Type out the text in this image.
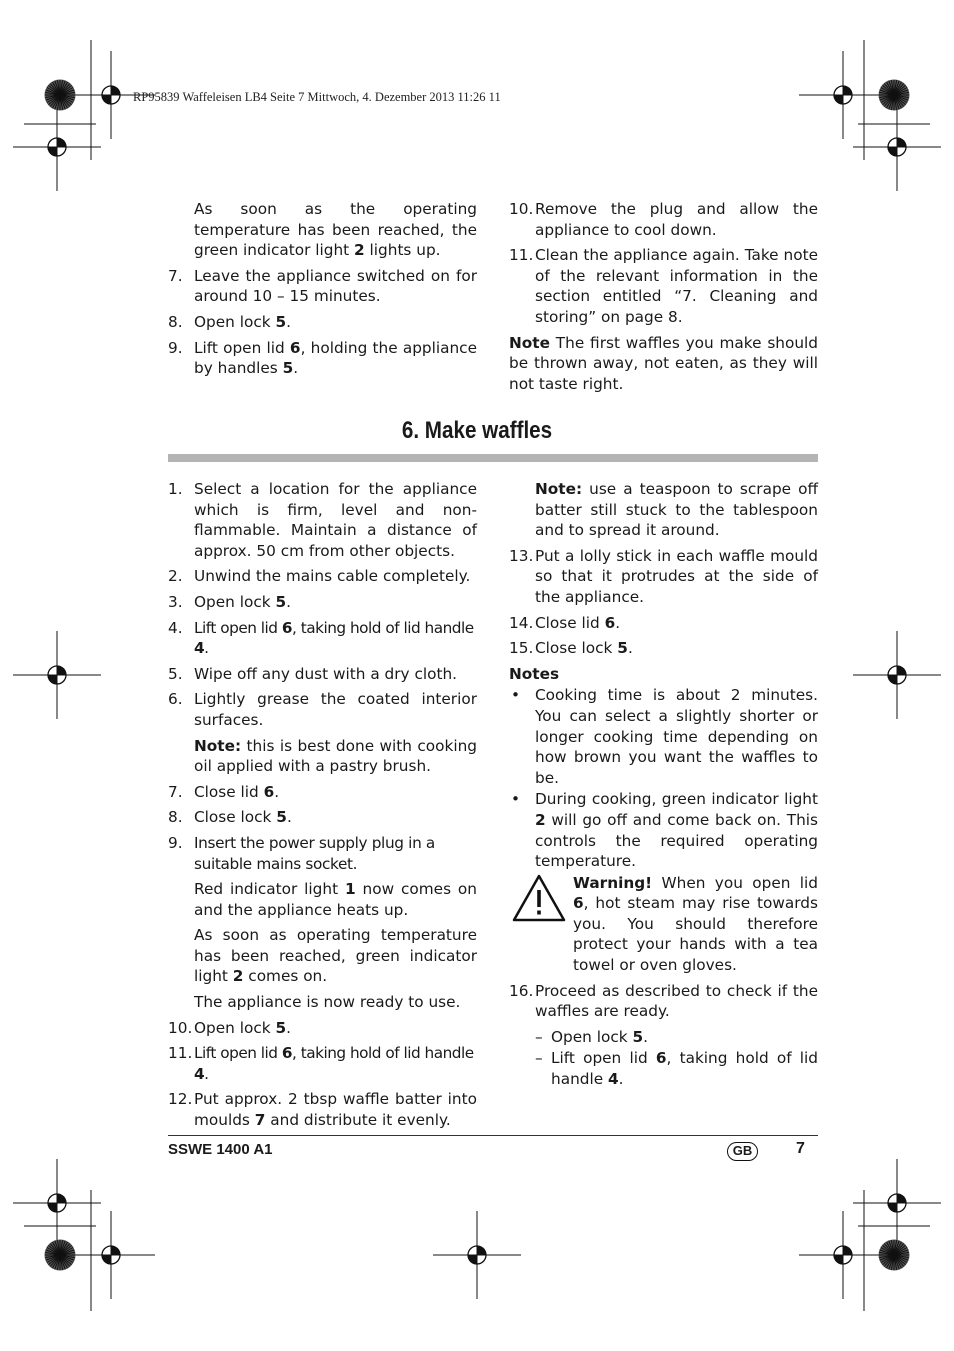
RP95839 Waffeleisen LB4 Seite 7 Mittwoch, 4. Dezember 2013 11:26 11

As soon as the operating temperature has been reached, the green indicator light 2 lights up.

7. Leave the appliance switched on for around 10 – 15 minutes.

8. Open lock 5.

9. Lift open lid 6, holding the appliance by handles 5.

10. Remove the plug and allow the appliance to cool down.

11. Clean the appliance again. Take note of the relevant information in the section entitled “7. Cleaning and storing” on page 8.

Note The first waffles you make should be thrown away, not eaten, as they will not taste right.

6. Make waffles

1. Select a location for the appliance which is firm, level and non-flammable. Maintain a distance of approx. 50 cm from other objects.

2. Unwind the mains cable completely.

3. Open lock 5.

4. Lift open lid 6, taking hold of lid handle 4.

5. Wipe off any dust with a dry cloth.

6. Lightly grease the coated interior surfaces.

Note: this is best done with cooking oil applied with a pastry brush.

7. Close lid 6.

8. Close lock 5.

9. Insert the power supply plug in a suitable mains socket.

Red indicator light 1 now comes on and the appliance heats up.

As soon as operating temperature has been reached, green indicator light 2 comes on.

The appliance is now ready to use.

10. Open lock 5.

11. Lift open lid 6, taking hold of lid handle 4.

12. Put approx. 2 tbsp waffle batter into moulds 7 and distribute it evenly.

Note: use a teaspoon to scrape off batter still stuck to the tablespoon and to spread it around.

13. Put a lolly stick in each waffle mould so that it protrudes at the side of the appliance.

14. Close lid 6.

15. Close lock 5.

Notes

• Cooking time is about 2 minutes. You can select a slightly shorter or longer cooking time depending on how brown you want the waffles to be.

• During cooking, green indicator light 2 will go off and come back on. This controls the required operating temperature.

Warning! When you open lid 6, hot steam may rise towards you. You should therefore protect your hands with a tea towel or oven gloves.

16. Proceed as described to check if the waffles are ready.

– Open lock 5.

– Lift open lid 6, taking hold of lid handle 4.

SSWE 1400 A1	GB	7
